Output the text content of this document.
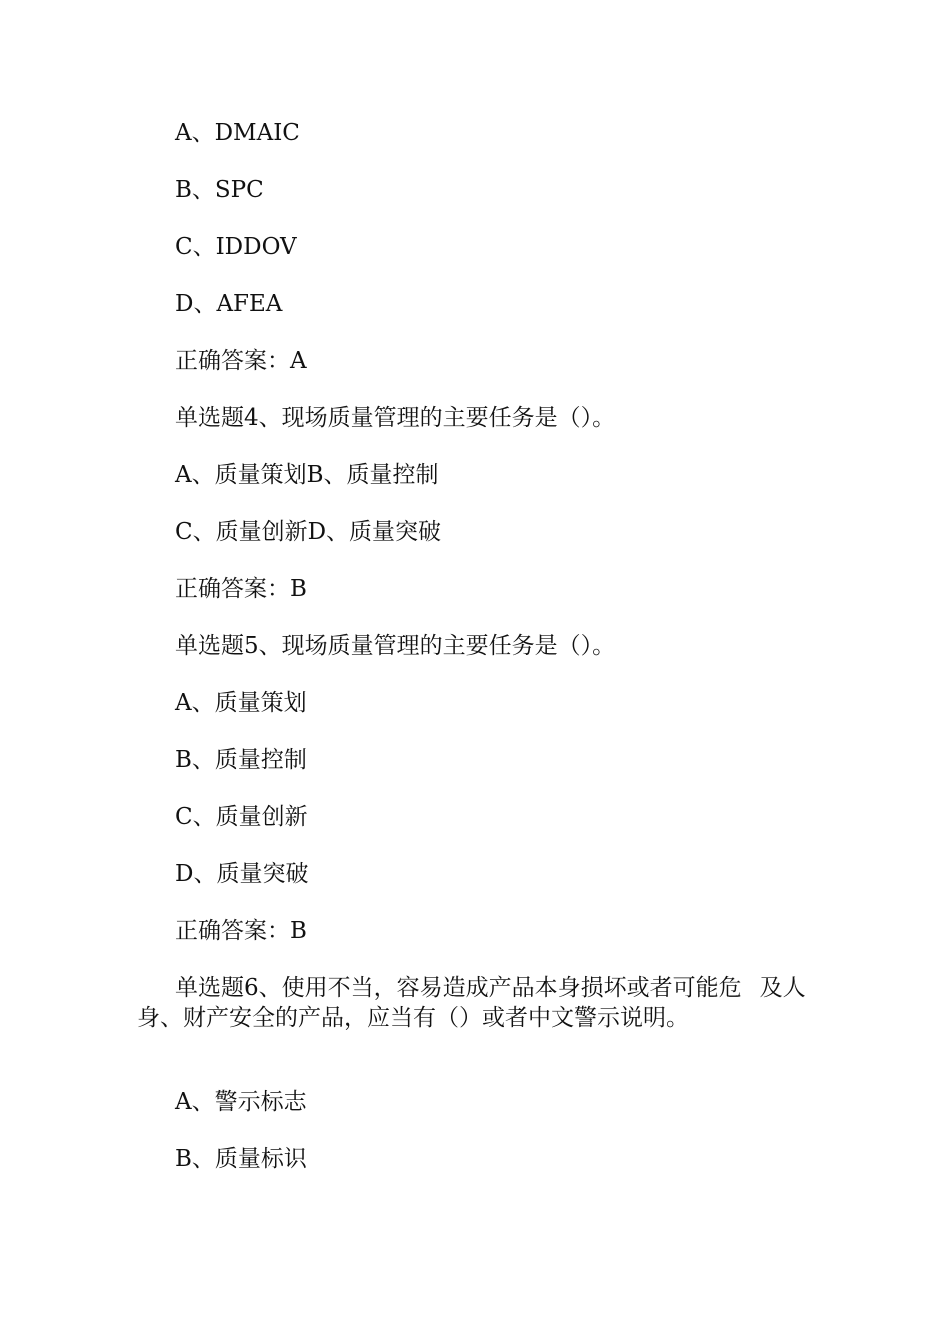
A、DMAIC
B、SPC
C、IDDOV
D、AFEA
正确答案：A
单选题4、现场质量管理的主要任务是（）。
A、质量策划B、质量控制
C、质量创新D、质量突破
正确答案：B
单选题5、现场质量管理的主要任务是（）。
A、质量策划
B、质量控制
C、质量创新
D、质量突破
正确答案：B
单选题6、使用不当，容易造成产品本身损坏或者可能危 及人身、财产安全的产品，应当有（）或者中文警示说明。
A、警示标志
B、质量标识
